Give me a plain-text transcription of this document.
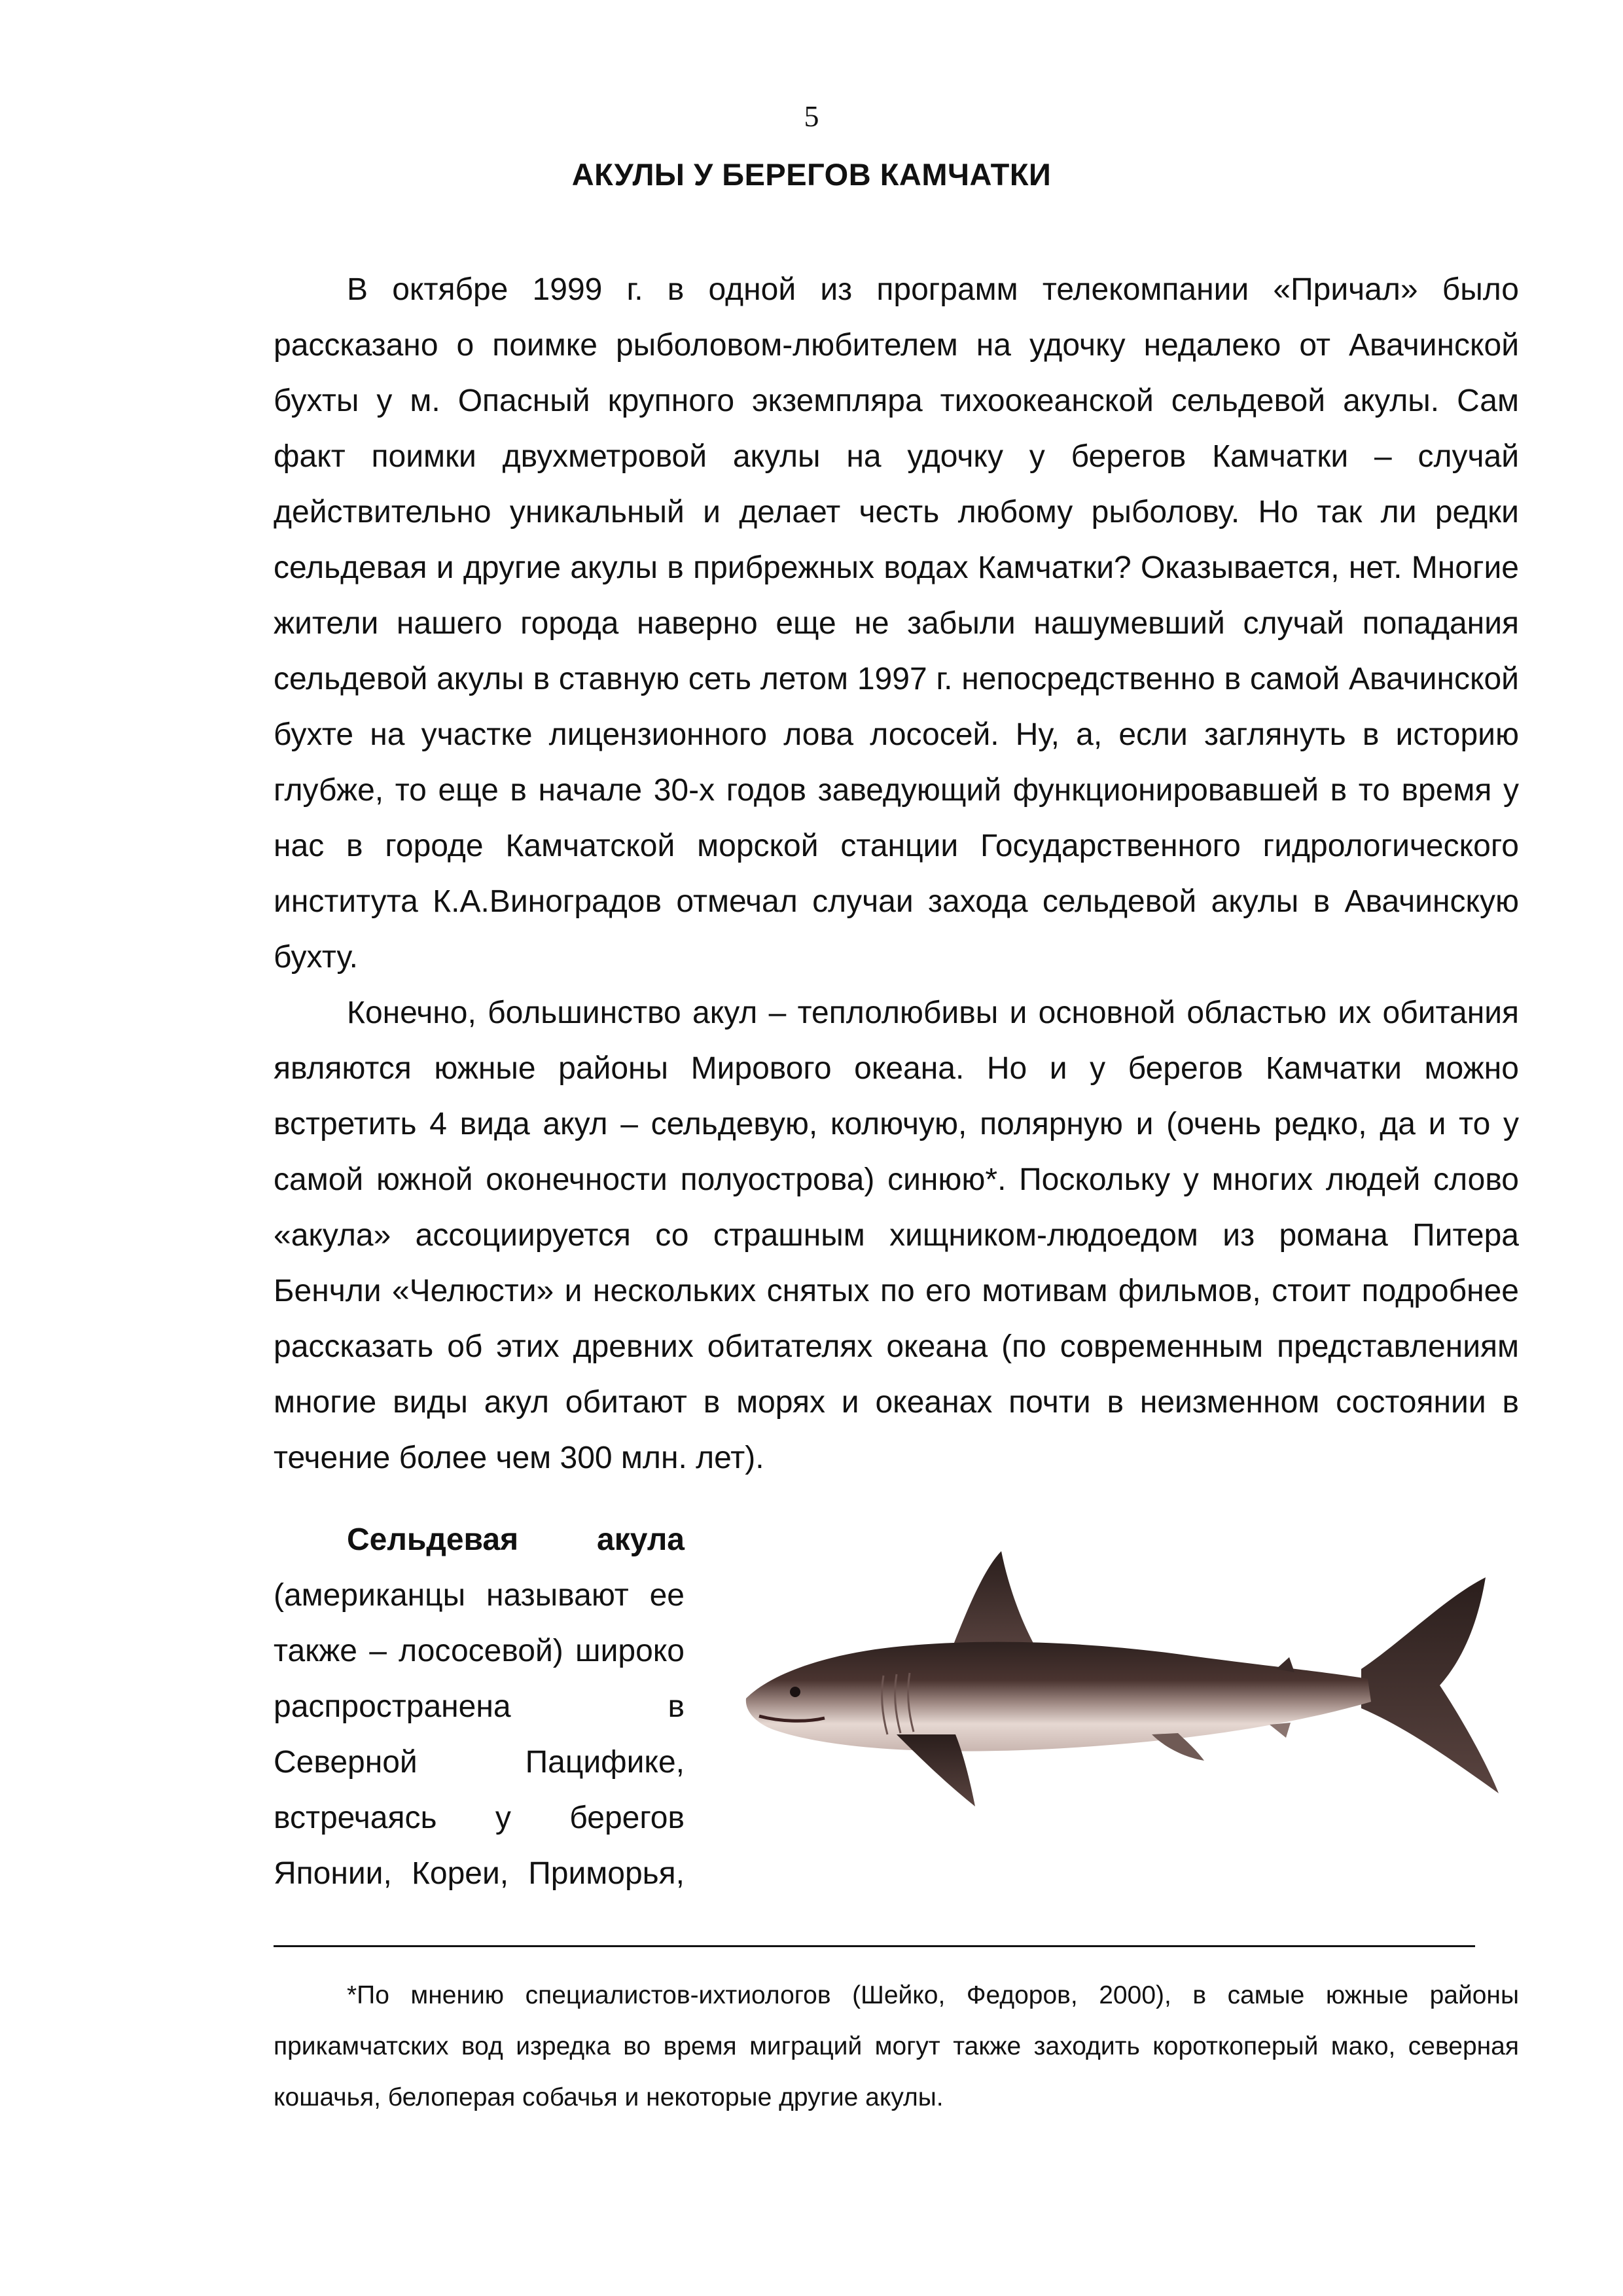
5
АКУЛЫ У БЕРЕГОВ КАМЧАТКИ

В октябре 1999 г. в одной из программ телекомпании «Причал» было рассказано о поимке рыболовом-любителем на удочку недалеко от Авачинской бухты у м. Опасный крупного экземпляра тихоокеанской сельдевой акулы. Сам факт поимки двухметровой акулы на удочку у берегов Камчатки – случай действительно уникальный и делает честь любому рыболову. Но так ли редки сельдевая и другие акулы в прибрежных водах Камчатки? Оказывается, нет. Многие жители нашего города наверно еще не забыли нашумевший случай попадания сельдевой акулы в ставную сеть летом 1997 г. непосредственно в самой Авачинской бухте на участке лицензионного лова лососей. Ну, а, если заглянуть в историю глубже, то еще в начале 30-х годов заведующий функционировавшей в то время у нас в городе Камчатской морской станции Государственного гидрологического института К.А.Виноградов отмечал случаи захода сельдевой акулы в Авачинскую бухту.

Конечно, большинство акул – теплолюбивы и основной областью их обитания являются южные районы Мирового океана. Но и у берегов Камчатки можно встретить 4 вида акул – сельдевую, колючую, полярную и (очень редко, да и то у самой южной оконечности полуострова) синюю*. Поскольку у многих людей слово «акула» ассоциируется со страшным хищником-людоедом из романа Питера Бенчли «Челюсти» и нескольких снятых по его мотивам фильмов, стоит подробнее рассказать об этих древних обитателях океана (по современным представлениям многие виды акул обитают в морях и океанах почти в неизменном состоянии в течение более чем 300 млн. лет).

Сельдевая акула (американцы называют ее также – лососевой) широко распространена в Северной Пацифике, встречаясь у берегов Японии, Кореи, Приморья,

*По мнению специалистов-ихтиологов (Шейко, Федоров, 2000), в самые южные районы прикамчатских вод изредка во время миграций могут также заходить короткоперый мако, северная кошачья, белоперая собачья и некоторые другие акулы.
